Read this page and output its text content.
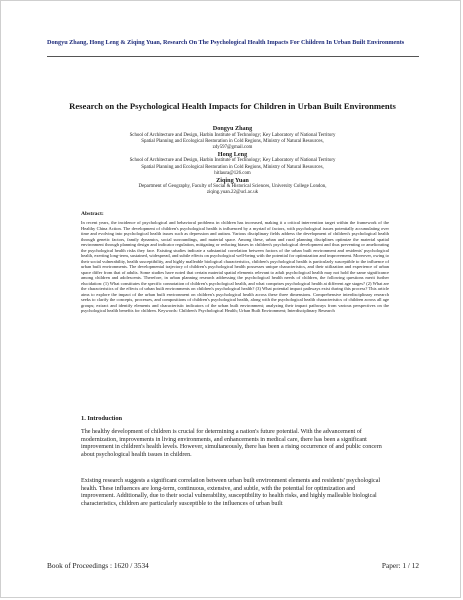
Dongyu Zhang, Hong Leng & Ziqing Yuan, Research On The Psychological Health Impacts For Children In Urban Built Environments
Research on the Psychological Health Impacts for Children in Urban Built Environments
Dongyu Zhang
School of Architecture and Design, Harbin Institute of Technology; Key Laboratory of National Territory
Spatial Planning and Ecological Restoration in Cold Regions, Ministry of Natural Resources,
zdy597@gmail.com
Hong Leng
School of Architecture and Design, Harbin Institute of Technology; Key Laboratory of National Territory
Spatial Planning and Ecological Restoration in Cold Regions, Ministry of Natural Resources,
hitlaura@126.com
Ziqing Yuan
Department of Geography, Faculty of Social & Historical Sciences, University College London,
ziqing.yuan.22@ucl.ac.uk
Abstract:
In recent years, the incidence of psychological and behavioral problems in children has increased, making it a critical intervention target within the framework of the Healthy China Action. The development of children's psychological health is influenced by a myriad of factors, with psychological issues potentially accumulating over time and evolving into psychological health issues such as depression and autism. Various disciplinary fields address the development of children's psychological health through genetic factors, family dynamics, social surroundings, and material space. Among these, urban and rural planning disciplines optimize the material spatial environment through planning design and indicator regulation, mitigating or reducing biases in children's psychological development and thus preventing or ameliorating the psychological health risks they face. Existing studies indicate a substantial correlation between factors of the urban built environment and residents' psychological health, exerting long-term, sustained, widespread, and subtle effects on psychological well-being with the potential for optimization and improvement. Moreover, owing to their social vulnerability, health susceptibility, and highly malleable biological characteristics, children's psychological health is particularly susceptible to the influence of urban built environments. The developmental trajectory of children's psychological health possesses unique characteristics, and their utilization and experience of urban space differ from that of adults. Some studies have noted that certain material spatial elements relevant to adult psychological health may not hold the same significance among children and adolescents. Therefore, in urban planning research addressing the psychological health needs of children, the following questions merit further elucidation: (1) What constitutes the specific connotation of children's psychological health, and what comprises psychological health at different age stages? (2) What are the characteristics of the effects of urban built environments on children's psychological health? (3) What potential impact pathways exist during this process? This article aims to explore the impact of the urban built environment on children's psychological health across these three dimensions. Comprehensive interdisciplinary research seeks to clarify the concepts, processes, and compositions of children's psychological health, along with the psychological health characteristics of children across all age groups; extract and identify elements and characteristic indicators of the urban built environment; analyzing their impact pathways from various perspectives on the psychological health benefits for children. Keywords: Children's Psychological Health; Urban Built Environment; Interdisciplinary Research
1. Introduction
The healthy development of children is crucial for determining a nation's future potential. With the advancement of modernization, improvements in living environments, and enhancements in medical care, there has been a significant improvement in children's health levels. However, simultaneously, there has been a rising occurrence of and public concern about psychological health issues in children.
Existing research suggests a significant correlation between urban built environment elements and residents' psychological health. These influences are long-term, continuous, extensive, and subtle, with the potential for optimization and improvement. Additionally, due to their social vulnerability, susceptibility to health risks, and highly malleable biological characteristics, children are particularly susceptible to the influences of urban built
Book of Proceedings : 1620 / 3534	Paper: 1 / 12
